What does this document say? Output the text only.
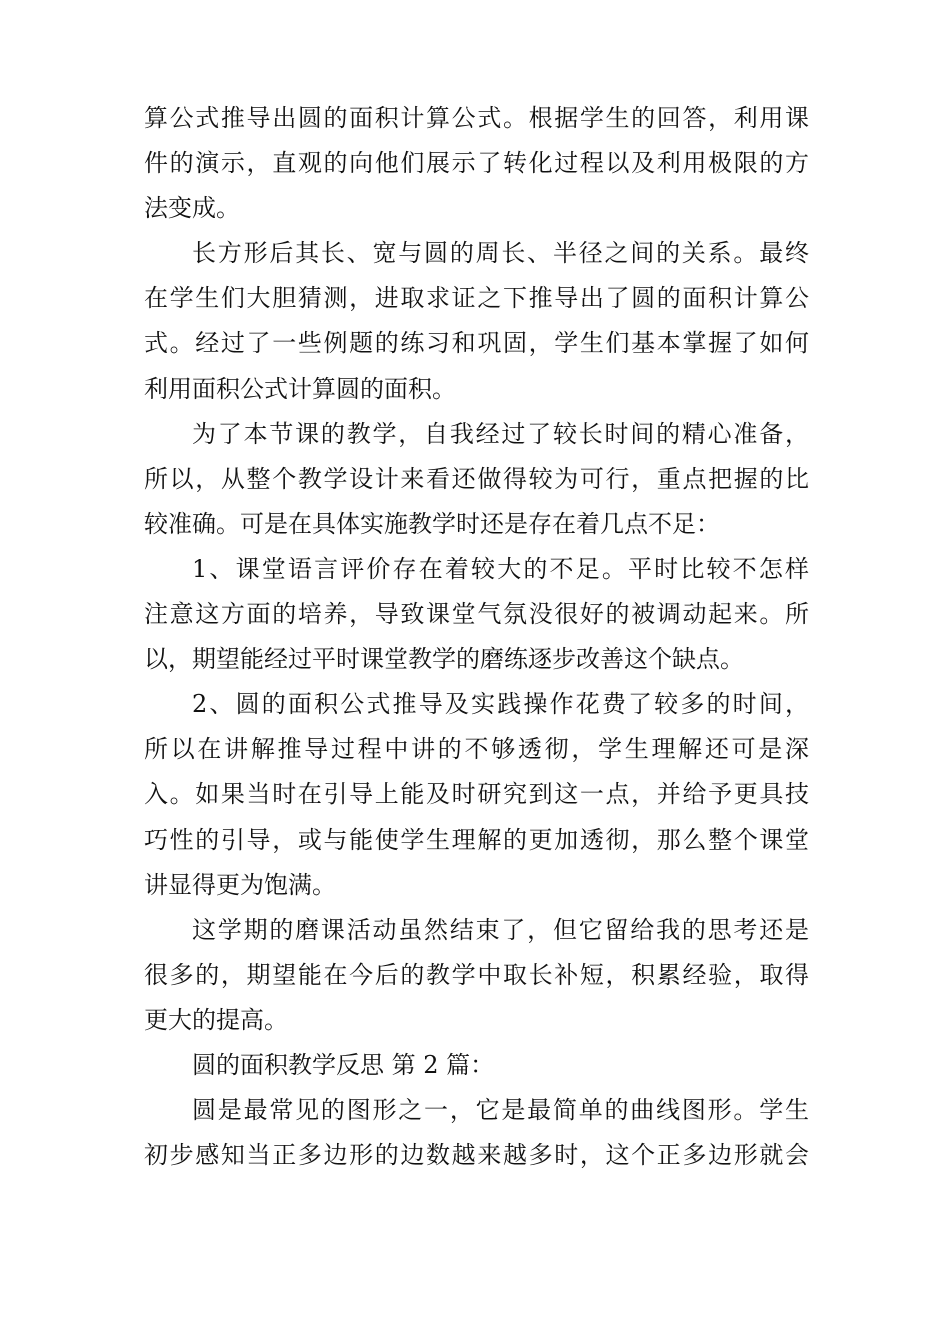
算公式推导出圆的面积计算公式。根据学生的回答，利用课
件的演示，直观的向他们展示了转化过程以及利用极限的方
法变成。
长方形后其长、宽与圆的周长、半径之间的关系。最终
在学生们大胆猜测，进取求证之下推导出了圆的面积计算公
式。经过了一些例题的练习和巩固，学生们基本掌握了如何
利用面积公式计算圆的面积。
为了本节课的教学，自我经过了较长时间的精心准备，
所以，从整个教学设计来看还做得较为可行，重点把握的比
较准确。可是在具体实施教学时还是存在着几点不足：
1、课堂语言评价存在着较大的不足。平时比较不怎样
注意这方面的培养，导致课堂气氛没很好的被调动起来。所
以，期望能经过平时课堂教学的磨练逐步改善这个缺点。
2、圆的面积公式推导及实践操作花费了较多的时间，
所以在讲解推导过程中讲的不够透彻，学生理解还可是深
入。如果当时在引导上能及时研究到这一点，并给予更具技
巧性的引导，或与能使学生理解的更加透彻，那么整个课堂
讲显得更为饱满。
这学期的磨课活动虽然结束了，但它留给我的思考还是
很多的，期望能在今后的教学中取长补短，积累经验，取得
更大的提高。
圆的面积教学反思 第 2 篇：
圆是最常见的图形之一，它是最简单的曲线图形。学生
初步感知当正多边形的边数越来越多时，这个正多边形就会
